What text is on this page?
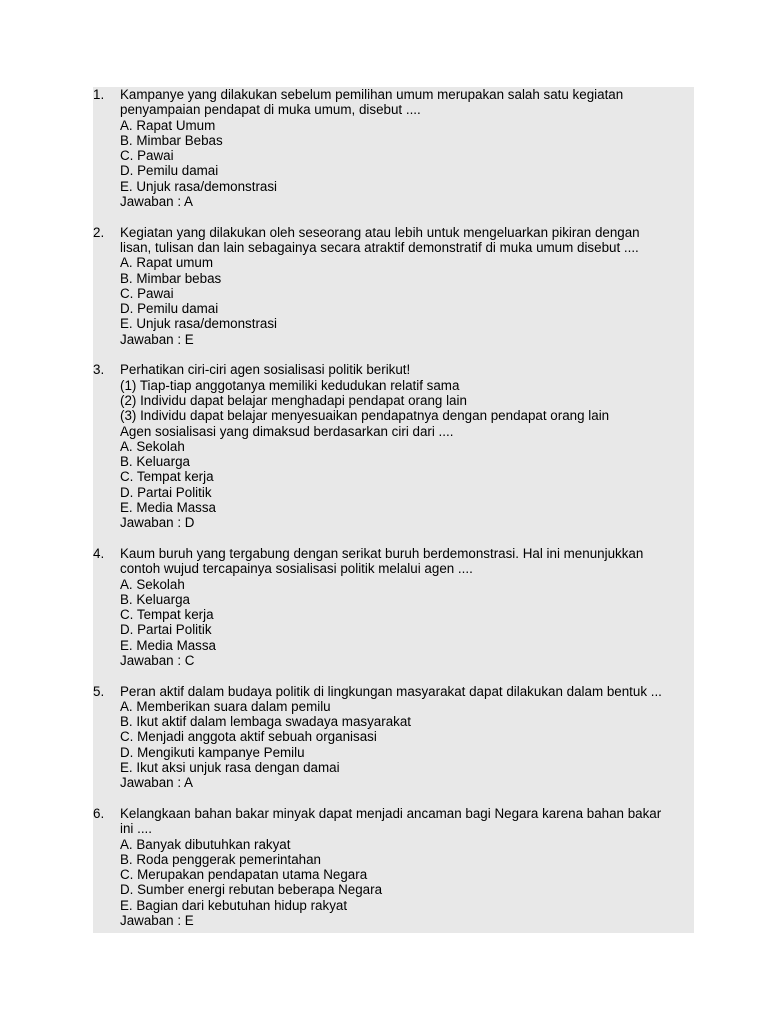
1. Kampanye yang dilakukan sebelum pemilihan umum merupakan salah satu kegiatan
penyampaian pendapat di muka umum, disebut ....
A. Rapat Umum
B. Mimbar Bebas
C. Pawai
D. Pemilu damai
E. Unjuk rasa/demonstrasi
Jawaban : A
2. Kegiatan yang dilakukan oleh seseorang atau lebih untuk mengeluarkan pikiran dengan
lisan, tulisan dan lain sebagainya secara atraktif demonstratif di muka umum disebut ....
A. Rapat umum
B. Mimbar bebas
C. Pawai
D. Pemilu damai
E. Unjuk rasa/demonstrasi
Jawaban : E
3. Perhatikan ciri-ciri agen sosialisasi politik berikut!
(1) Tiap-tiap anggotanya memiliki kedudukan relatif sama
(2) Individu dapat belajar menghadapi pendapat orang lain
(3) Individu dapat belajar menyesuaikan pendapatnya dengan pendapat orang lain
Agen sosialisasi yang dimaksud berdasarkan ciri dari ....
A. Sekolah
B. Keluarga
C. Tempat kerja
D. Partai Politik
E. Media Massa
Jawaban : D
4. Kaum buruh yang tergabung dengan serikat buruh berdemonstrasi. Hal ini menunjukkan
contoh wujud tercapainya sosialisasi politik melalui agen ....
A. Sekolah
B. Keluarga
C. Tempat kerja
D. Partai Politik
E. Media Massa
Jawaban : C
5. Peran aktif dalam budaya politik di lingkungan masyarakat dapat dilakukan dalam bentuk ...
A. Memberikan suara dalam pemilu
B. Ikut aktif dalam lembaga swadaya masyarakat
C. Menjadi anggota aktif sebuah organisasi
D. Mengikuti kampanye Pemilu
E. Ikut aksi unjuk rasa dengan damai
Jawaban : A
6. Kelangkaan bahan bakar minyak dapat menjadi ancaman bagi Negara karena bahan bakar
ini ....
A. Banyak dibutuhkan rakyat
B. Roda penggerak pemerintahan
C. Merupakan pendapatan utama Negara
D. Sumber energi rebutan beberapa Negara
E. Bagian dari kebutuhan hidup rakyat
Jawaban : E
